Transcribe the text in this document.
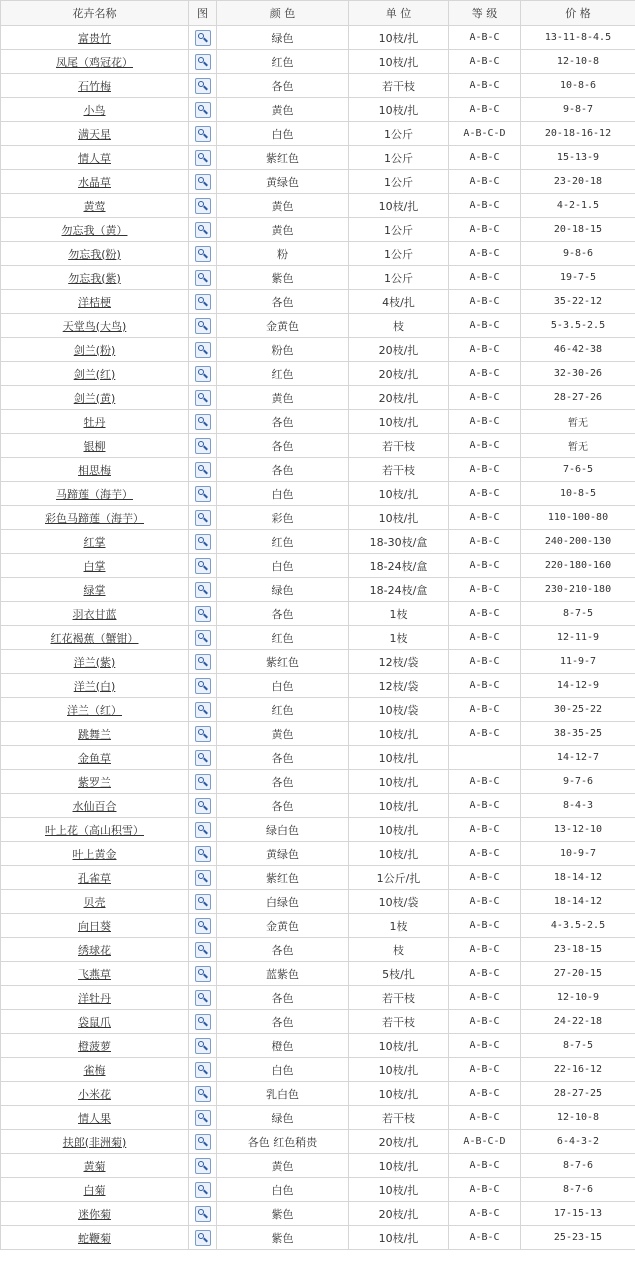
花卉名称	图	颜 色	单 位	等 级	价 格
富贵竹		绿色	10枝/扎	A-B-C	13-11-8-4.5
凤尾（鸡冠花）		红色	10枝/扎	A-B-C	12-10-8
石竹梅		各色	若干枝	A-B-C	10-8-6
小鸟		黄色	10枝/扎	A-B-C	9-8-7
满天星		白色	1公斤	A-B-C-D	20-18-16-12
情人草		紫红色	1公斤	A-B-C	15-13-9
水晶草		黄绿色	1公斤	A-B-C	23-20-18
黄莺		黄色	10枝/扎	A-B-C	4-2-1.5
勿忘我（黄）		黄色	1公斤	A-B-C	20-18-15
勿忘我(粉)		粉	1公斤	A-B-C	9-8-6
勿忘我(紫)		紫色	1公斤	A-B-C	19-7-5
洋桔梗		各色	4枝/扎	A-B-C	35-22-12
天堂鸟(大鸟)		金黄色	枝	A-B-C	5-3.5-2.5
剑兰(粉)		粉色	20枝/扎	A-B-C	46-42-38
剑兰(红)		红色	20枝/扎	A-B-C	32-30-26
剑兰(黄)		黄色	20枝/扎	A-B-C	28-27-26
牡丹		各色	10枝/扎	A-B-C	暂无
银柳		各色	若干枝	A-B-C	暂无
相思梅		各色	若干枝	A-B-C	7-6-5
马蹄莲（海芋）		白色	10枝/扎	A-B-C	10-8-5
彩色马蹄莲（海芋）		彩色	10枝/扎	A-B-C	110-100-80
红掌		红色	18-30枝/盒	A-B-C	240-200-130
白掌		白色	18-24枝/盒	A-B-C	220-180-160
绿掌		绿色	18-24枝/盒	A-B-C	230-210-180
羽衣甘蓝		各色	1枝	A-B-C	8-7-5
红花褐蕉（蟹钳）		红色	1枝	A-B-C	12-11-9
洋兰(紫)		紫红色	12枝/袋	A-B-C	11-9-7
洋兰(白)		白色	12枝/袋	A-B-C	14-12-9
洋兰（红）		红色	10枝/袋	A-B-C	30-25-22
跳舞兰		黄色	10枝/扎	A-B-C	38-35-25
金鱼草		各色	10枝/扎		14-12-7
紫罗兰		各色	10枝/扎	A-B-C	9-7-6
水仙百合		各色	10枝/扎	A-B-C	8-4-3
叶上花（高山积雪）		绿白色	10枝/扎	A-B-C	13-12-10
叶上黄金		黄绿色	10枝/扎	A-B-C	10-9-7
孔雀草		紫红色	1公斤/扎	A-B-C	18-14-12
贝壳		白绿色	10枝/袋	A-B-C	18-14-12
向日葵		金黄色	1枝	A-B-C	4-3.5-2.5
绣球花		各色	枝	A-B-C	23-18-15
飞燕草		蓝紫色	5枝/扎	A-B-C	27-20-15
洋牡丹		各色	若干枝	A-B-C	12-10-9
袋鼠爪		各色	若干枝	A-B-C	24-22-18
橙菠萝		橙色	10枝/扎	A-B-C	8-7-5
雀梅		白色	10枝/扎	A-B-C	22-16-12
小米花		乳白色	10枝/扎	A-B-C	28-27-25
情人果		绿色	若干枝	A-B-C	12-10-8
扶郎(非洲菊)		各色 红色稍贵	20枝/扎	A-B-C-D	6-4-3-2
黄菊		黄色	10枝/扎	A-B-C	8-7-6
白菊		白色	10枝/扎	A-B-C	8-7-6
迷你菊		紫色	20枝/扎	A-B-C	17-15-13
蛇鞭菊		紫色	10枝/扎	A-B-C	25-23-15
